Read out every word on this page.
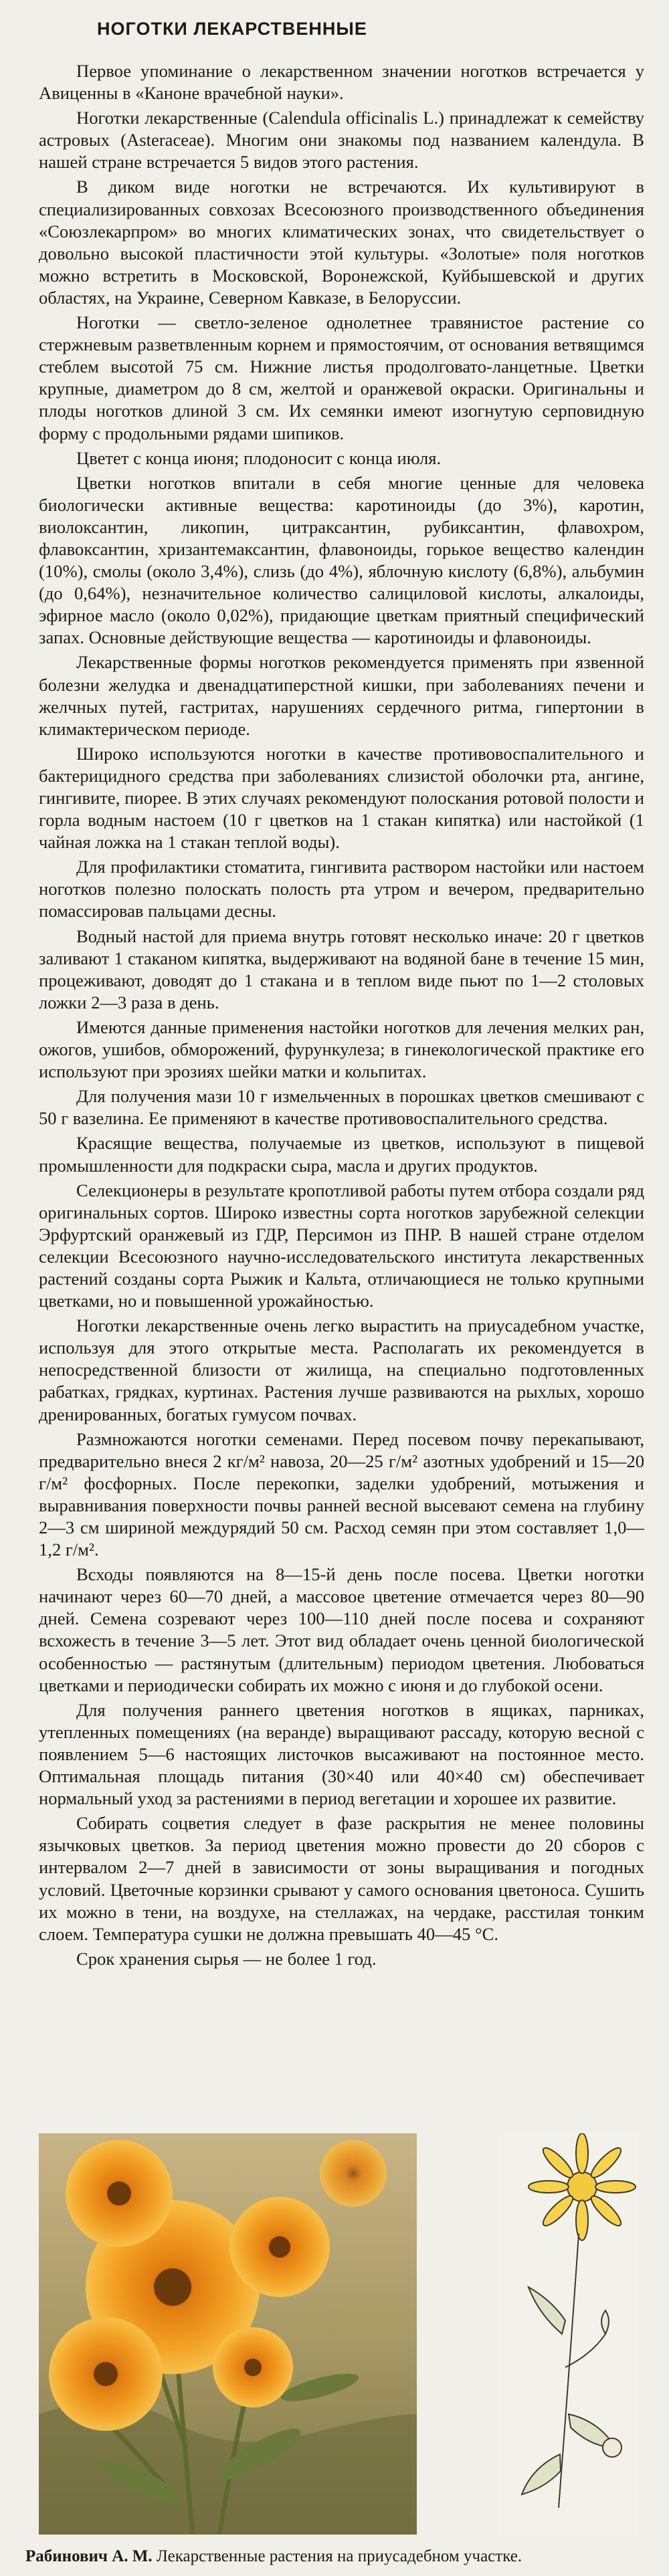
НОГОТКИ ЛЕКАРСТВЕННЫЕ

Первое упоминание о лекарственном значении ноготков встречается у Авиценны в «Каноне врачебной науки».

Ноготки лекарственные (Calendula officinalis L.) принадлежат к семейству астровых (Asteraceae). Многим они знакомы под названием календула. В нашей стране встречается 5 видов этого растения.

В диком виде ноготки не встречаются. Их культивируют в специализированных совхозах Всесоюзного производственного объединения «Союзлекарпром» во многих климатических зонах, что свидетельствует о довольно высокой пластичности этой культуры. «Золотые» поля ноготков можно встретить в Московской, Воронежской, Куйбышевской и других областях, на Украине, Северном Кавказе, в Белоруссии.

Ноготки — светло-зеленое однолетнее травянистое растение со стержневым разветвленным корнем и прямостоячим, от основания ветвящимся стеблем высотой 75 см. Нижние листья продолговато-ланцетные. Цветки крупные, диаметром до 8 см, желтой и оранжевой окраски. Оригинальны и плоды ноготков длиной 3 см. Их семянки имеют изогнутую серповидную форму с продольными рядами шипиков.

Цветет с конца июня; плодоносит с конца июля.

Цветки ноготков впитали в себя многие ценные для человека биологически активные вещества: каротиноиды (до 3%), каротин, виолоксантин, ликопин, цитраксантин, рубиксантин, флавохром, флавоксантин, хризантемаксантин, флавоноиды, горькое вещество календин (10%), смолы (около 3,4%), слизь (до 4%), яблочную кислоту (6,8%), альбумин (до 0,64%), незначительное количество салициловой кислоты, алкалоиды, эфирное масло (около 0,02%), придающие цветкам приятный специфический запах. Основные действующие вещества — каротиноиды и флавоноиды.

Лекарственные формы ноготков рекомендуется применять при язвенной болезни желудка и двенадцатиперстной кишки, при заболеваниях печени и желчных путей, гастритах, нарушениях сердечного ритма, гипертонии в климактерическом периоде.

Широко используются ноготки в качестве противовоспалительного и бактерицидного средства при заболеваниях слизистой оболочки рта, ангине, гингивите, пиорее. В этих случаях рекомендуют полоскания ротовой полости и горла водным настоем (10 г цветков на 1 стакан кипятка) или настойкой (1 чайная ложка на 1 стакан теплой воды).

Для профилактики стоматита, гингивита раствором настойки или настоем ноготков полезно полоскать полость рта утром и вечером, предварительно помассировав пальцами десны.

Водный настой для приема внутрь готовят несколько иначе: 20 г цветков заливают 1 стаканом кипятка, выдерживают на водяной бане в течение 15 мин, процеживают, доводят до 1 стакана и в теплом виде пьют по 1—2 столовых ложки 2—3 раза в день.

Имеются данные применения настойки ноготков для лечения мелких ран, ожогов, ушибов, обморожений, фурункулеза; в гинекологической практике его используют при эрозиях шейки матки и кольпитах.

Для получения мази 10 г измельченных в порошках цветков смешивают с 50 г вазелина. Ее применяют в качестве противовоспалительного средства.

Красящие вещества, получаемые из цветков, используют в пищевой промышленности для подкраски сыра, масла и других продуктов.

Селекционеры в результате кропотливой работы путем отбора создали ряд оригинальных сортов. Широко известны сорта ноготков зарубежной селекции Эрфуртский оранжевый из ГДР, Персимон из ПНР. В нашей стране отделом селекции Всесоюзного научно-исследовательского института лекарственных растений созданы сорта Рыжик и Кальта, отличающиеся не только крупными цветками, но и повышенной урожайностью.

Ноготки лекарственные очень легко вырастить на приусадебном участке, используя для этого открытые места. Располагать их рекомендуется в непосредственной близости от жилища, на специально подготовленных рабатках, грядках, куртинах. Растения лучше развиваются на рыхлых, хорошо дренированных, богатых гумусом почвах.

Размножаются ноготки семенами. Перед посевом почву перекапывают, предварительно внеся 2 кг/м² навоза, 20—25 г/м² азотных удобрений и 15—20 г/м² фосфорных. После перекопки, заделки удобрений, мотыжения и выравнивания поверхности почвы ранней весной высевают семена на глубину 2—3 см шириной междурядий 50 см. Расход семян при этом составляет 1,0—1,2 г/м².

Всходы появляются на 8—15-й день после посева. Цветки ноготки начинают через 60—70 дней, а массовое цветение отмечается через 80—90 дней. Семена созревают через 100—110 дней после посева и сохраняют всхожесть в течение 3—5 лет. Этот вид обладает очень ценной биологической особенностью — растянутым (длительным) периодом цветения. Любоваться цветками и периодически собирать их можно с июня и до глубокой осени.

Для получения раннего цветения ноготков в ящиках, парниках, утепленных помещениях (на веранде) выращивают рассаду, которую весной с появлением 5—6 настоящих листочков высаживают на постоянное место. Оптимальная площадь питания (30×40 или 40×40 см) обеспечивает нормальный уход за растениями в период вегетации и хорошее их развитие.

Собирать соцветия следует в фазе раскрытия не менее половины язычковых цветков. За период цветения можно провести до 20 сборов с интервалом 2—7 дней в зависимости от зоны выращивания и погодных условий. Цветочные корзинки срывают у самого основания цветоноса. Сушить их можно в тени, на воздухе, на стеллажах, на чердаке, расстилая тонким слоем. Температура сушки не должна превышать 40—45 °С.

Срок хранения сырья — не более 1 год.

Рабинович А. М. Лекарственные растения на приусадебном участке.
